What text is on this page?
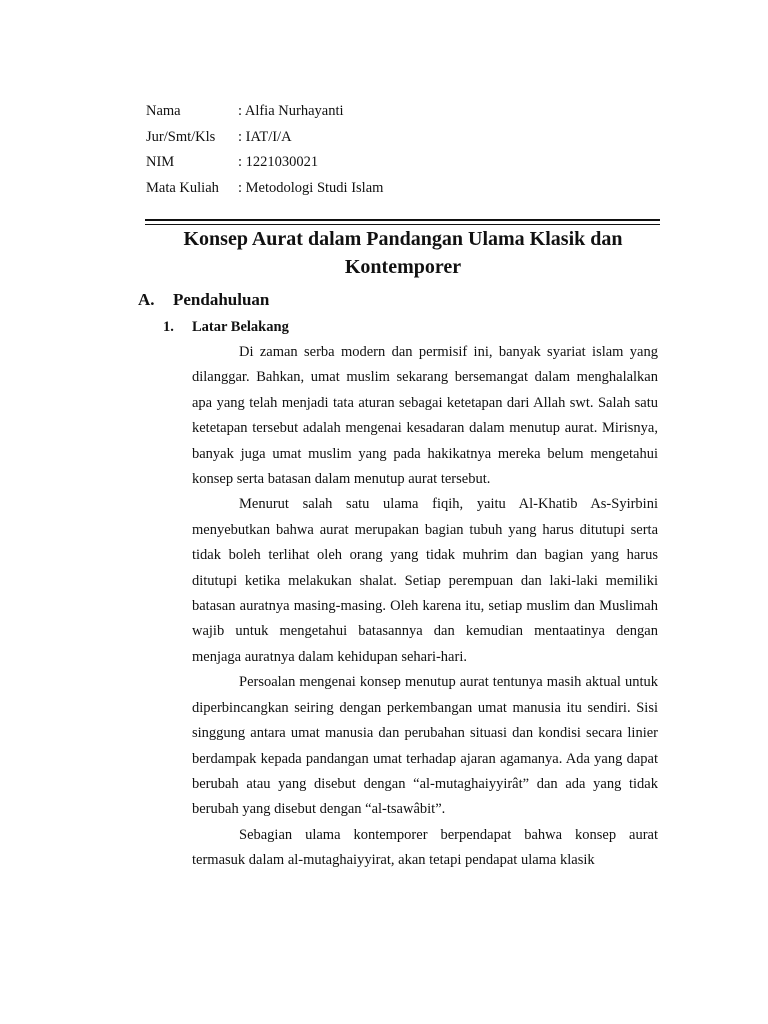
Nama	: Alfia Nurhayanti
Jur/Smt/Kls	: IAT/I/A
NIM	: 1221030021
Mata Kuliah	: Metodologi Studi Islam
Konsep Aurat dalam Pandangan Ulama Klasik dan Kontemporer
A. Pendahuluan
1. Latar Belakang

Di zaman serba modern dan permisif ini, banyak syariat islam yang dilanggar. Bahkan, umat muslim sekarang bersemangat dalam menghalalkan apa yang telah menjadi tata aturan sebagai ketetapan dari Allah swt. Salah satu ketetapan tersebut adalah mengenai kesadaran dalam menutup aurat. Mirisnya, banyak juga umat muslim yang pada hakikatnya mereka belum mengetahui konsep serta batasan dalam menutup aurat tersebut.

Menurut salah satu ulama fiqih, yaitu Al-Khatib As-Syirbini menyebutkan bahwa aurat merupakan bagian tubuh yang harus ditutupi serta tidak boleh terlihat oleh orang yang tidak muhrim dan bagian yang harus ditutupi ketika melakukan shalat. Setiap perempuan dan laki-laki memiliki batasan auratnya masing-masing. Oleh karena itu, setiap muslim dan Muslimah wajib untuk mengetahui batasannya dan kemudian mentaatinya dengan menjaga auratnya dalam kehidupan sehari-hari.

Persoalan mengenai konsep menutup aurat tentunya masih aktual untuk diperbincangkan seiring dengan perkembangan umat manusia itu sendiri. Sisi singgung antara umat manusia dan perubahan situasi dan kondisi secara linier berdampak kepada pandangan umat terhadap ajaran agamanya. Ada yang dapat berubah atau yang disebut dengan “al-mutaghaiyyirât” dan ada yang tidak berubah yang disebut dengan “al-tsawâbit”.

Sebagian ulama kontemporer berpendapat bahwa konsep aurat termasuk dalam al-mutaghaiyyirat, akan tetapi pendapat ulama klasik
